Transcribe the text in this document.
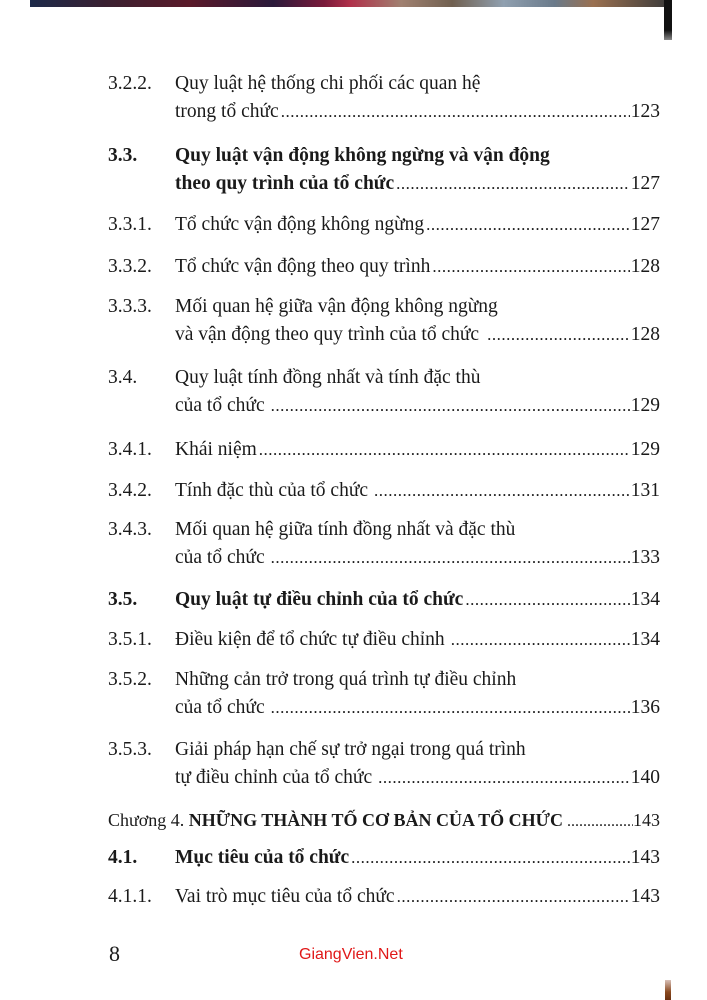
3.2.2. Quy luật hệ thống chi phối các quan hệ
trong tổ chức .....	123
3.3. Quy luật vận động không ngừng và vận động
theo quy trình của tổ chức .....	127
3.3.1. Tổ chức vận động không ngừng .....	127
3.3.2. Tổ chức vận động theo quy trình .....	128
3.3.3. Mối quan hệ giữa vận động không ngừng
và vận động theo quy trình của tổ chức .....	128
3.4. Quy luật tính đồng nhất và tính đặc thù
của tổ chức .....	129
3.4.1. Khái niệm .....	129
3.4.2. Tính đặc thù của tổ chức .....	131
3.4.3. Mối quan hệ giữa tính đồng nhất và đặc thù
của tổ chức .....	133
3.5. Quy luật tự điều chỉnh của tổ chức .....	134
3.5.1. Điều kiện để tổ chức tự điều chỉnh .....	134
3.5.2. Những cản trở trong quá trình tự điều chỉnh
của tổ chức .....	136
3.5.3. Giải pháp hạn chế sự trở ngại trong quá trình
tự điều chỉnh của tổ chức .....	140
Chương 4. NHỮNG THÀNH TỐ CƠ BẢN CỦA TỔ CHỨC .....	143
4.1. Mục tiêu của tổ chức .....	143
4.1.1. Vai trò mục tiêu của tổ chức .....	143
8	GiangVien.Net
